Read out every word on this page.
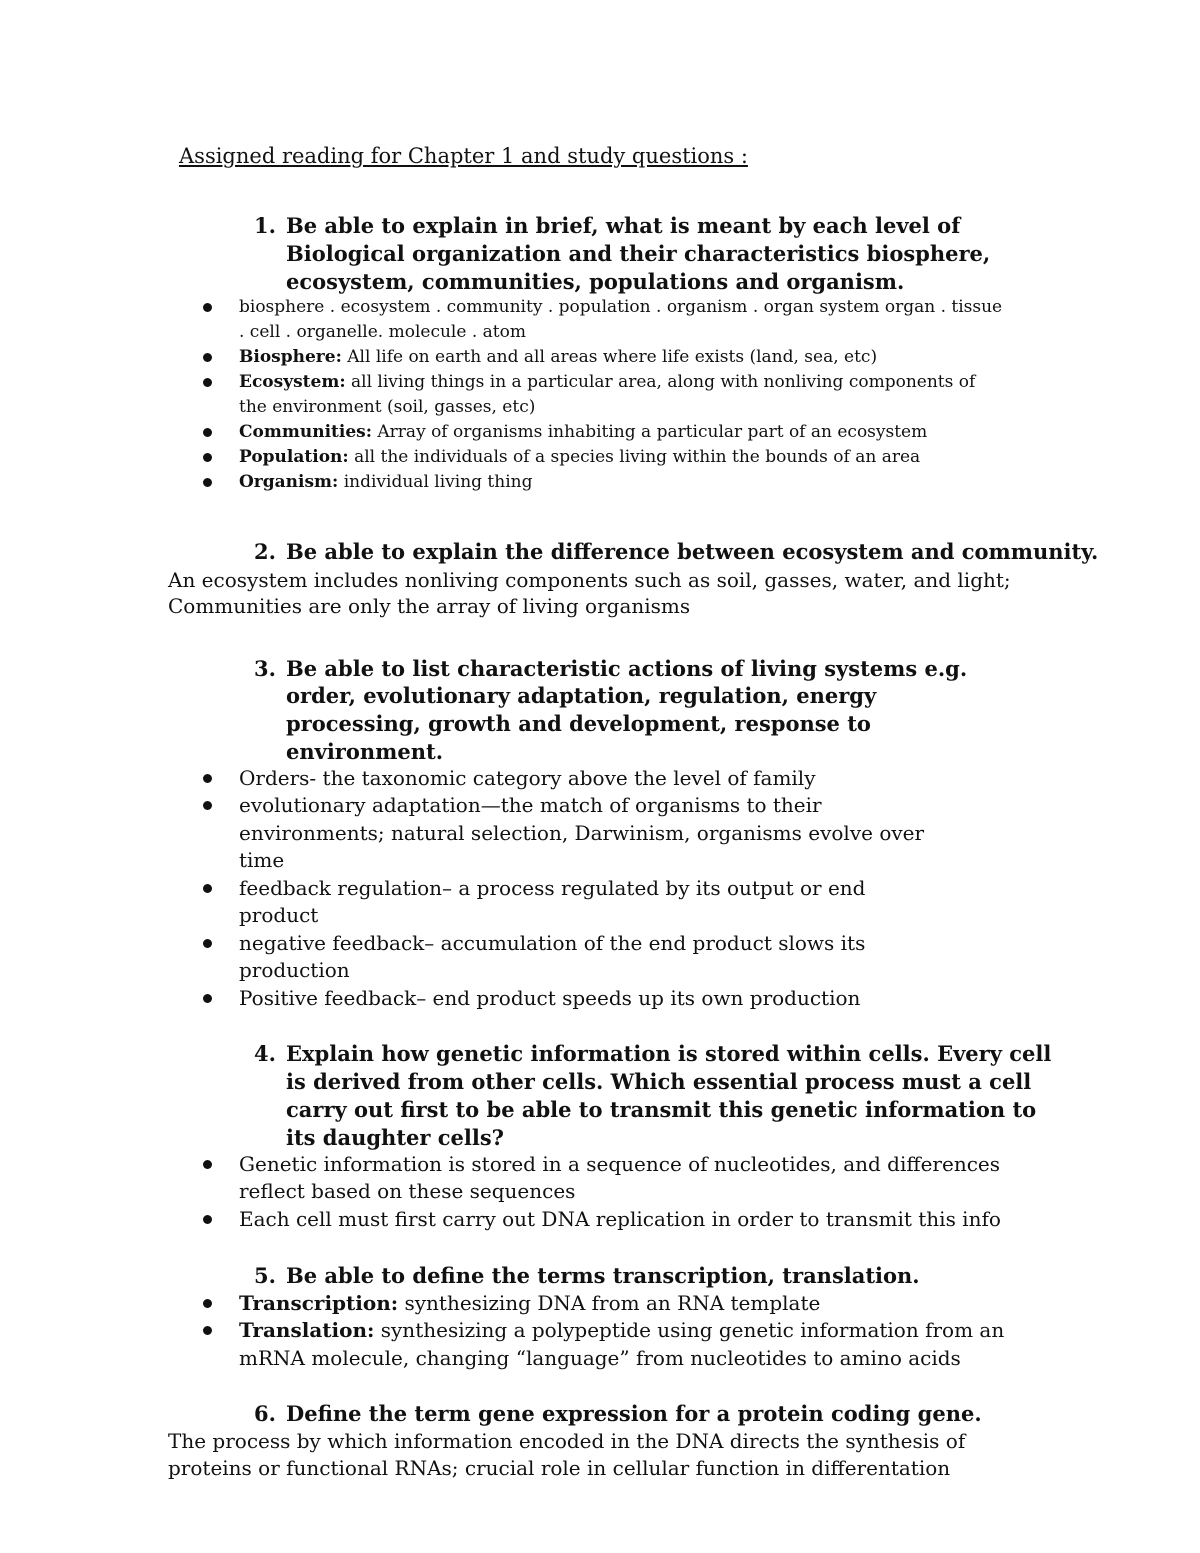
Assigned reading for Chapter 1 and study questions :
1. Be able to explain in brief, what is meant by each level of
Biological organization and their characteristics biosphere,
ecosystem, communities, populations and organism.
biosphere . ecosystem . community . population . organism . organ system organ . tissue
. cell . organelle. molecule . atom
Biosphere: All life on earth and all areas where life exists (land, sea, etc)
Ecosystem: all living things in a particular area, along with nonliving components of
the environment (soil, gasses, etc)
Communities: Array of organisms inhabiting a particular part of an ecosystem
Population: all the individuals of a species living within the bounds of an area
Organism: individual living thing
2. Be able to explain the difference between ecosystem and community.
An ecosystem includes nonliving components such as soil, gasses, water, and light;
Communities are only the array of living organisms
3. Be able to list characteristic actions of living systems e.g.
order, evolutionary adaptation, regulation, energy
processing, growth and development, response to
environment.
Orders- the taxonomic category above the level of family
evolutionary adaptation—the match of organisms to their
environments; natural selection, Darwinism, organisms evolve over
time
feedback regulation– a process regulated by its output or end
product
negative feedback– accumulation of the end product slows its
production
Positive feedback– end product speeds up its own production
4. Explain how genetic information is stored within cells. Every cell
is derived from other cells. Which essential process must a cell
carry out first to be able to transmit this genetic information to
its daughter cells?
Genetic information is stored in a sequence of nucleotides, and differences
reflect based on these sequences
Each cell must first carry out DNA replication in order to transmit this info
5. Be able to define the terms transcription, translation.
Transcription: synthesizing DNA from an RNA template
Translation: synthesizing a polypeptide using genetic information from an
mRNA molecule, changing “language” from nucleotides to amino acids
6. Define the term gene expression for a protein coding gene.
The process by which information encoded in the DNA directs the synthesis of
proteins or functional RNAs; crucial role in cellular function in differentation
